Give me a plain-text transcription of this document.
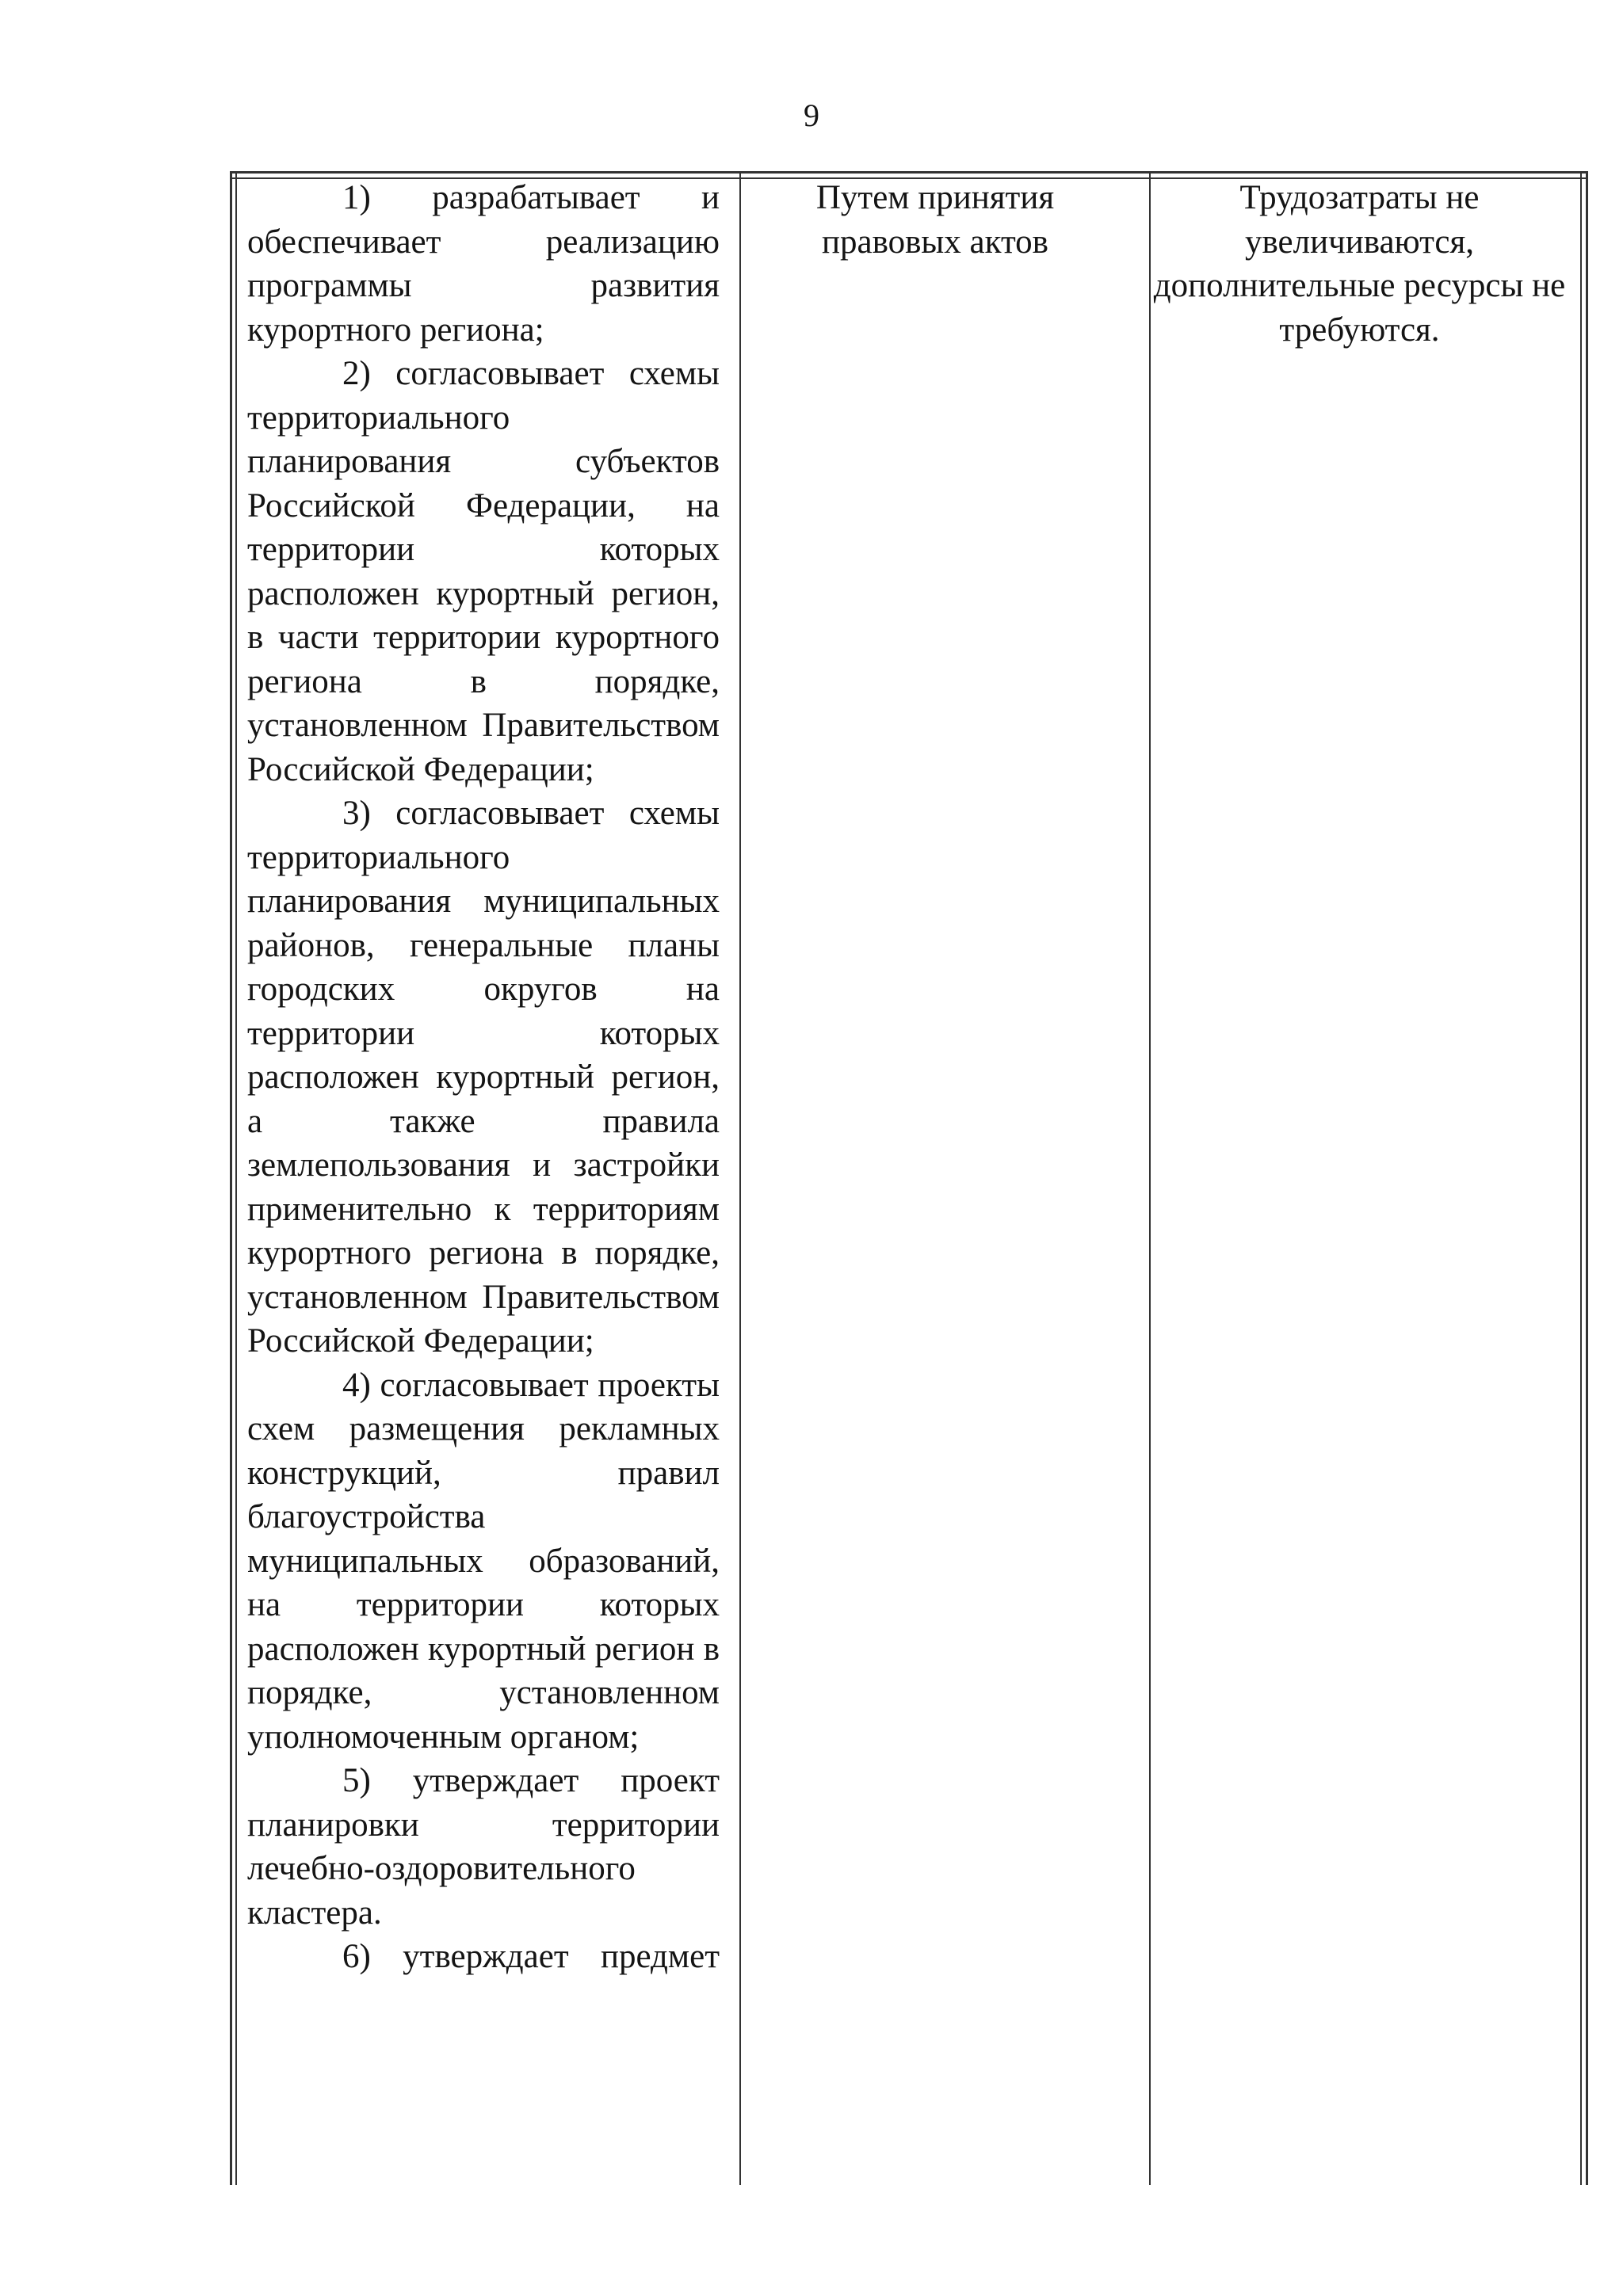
9

1) разрабатывает и обеспечивает реализацию программы развития курортного региона;

2) согласовывает схемы территориального планирования субъектов Российской Федерации, на территории которых расположен курортный регион, в части территории курортного региона в порядке, установленном Правительством Российской Федерации;

3) согласовывает схемы территориального планирования муниципальных районов, генеральные планы городских округов на территории которых расположен курортный регион, а также правила землепользования и застройки применительно к территориям курортного региона в порядке, установленном Правительством Российской Федерации;

4) согласовывает проекты схем размещения рекламных конструкций, правил благоустройства муниципальных образований, на территории которых расположен курортный регион в порядке, установленном уполномоченным органом;

5) утверждает проект планировки территории лечебно-оздоровительного кластера.

6) утверждает предмет

Путем принятия правовых актов
Трудозатраты не увеличиваются, дополнительные ресурсы не требуются.
